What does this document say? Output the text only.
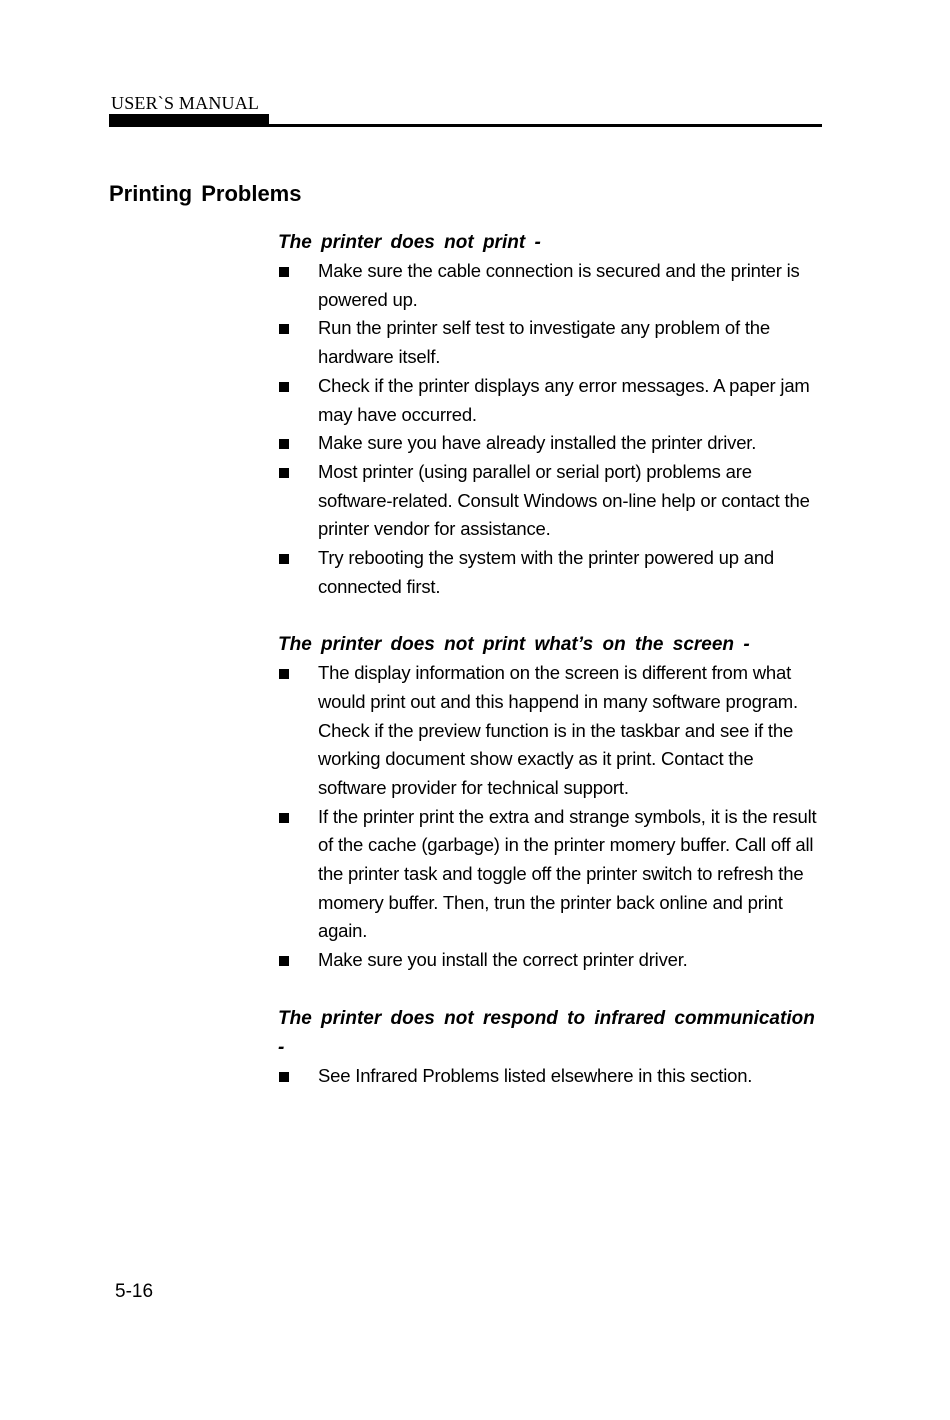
USER`S MANUAL
Printing Problems

The printer does not print -

Make sure the cable connection is secured and the printer is powered up.
Run the printer self test to investigate any problem of the hardware itself.
Check if the printer displays any error messages. A paper jam may have occurred.
Make sure you have already installed the printer driver.
Most printer (using parallel or serial port) problems are software-related. Consult Windows on-line help or contact the printer vendor for assistance.
Try rebooting the system with the printer powered up and connected first.

The printer does not print what’s on the screen -

The display information on the screen is different from what would print out and this happend in many software program. Check if the preview function is in the taskbar and see if the working document show exactly as it print. Contact the software provider for technical support.
If the printer print the extra and strange symbols, it is the result of the cache (garbage) in the printer momery buffer. Call off all the printer task and toggle off the printer switch to refresh the momery buffer. Then, trun the printer back online and print again.
Make sure you install the correct printer driver.

The printer does not respond to infrared communication -

See Infrared Problems listed elsewhere in this section.
5-16
